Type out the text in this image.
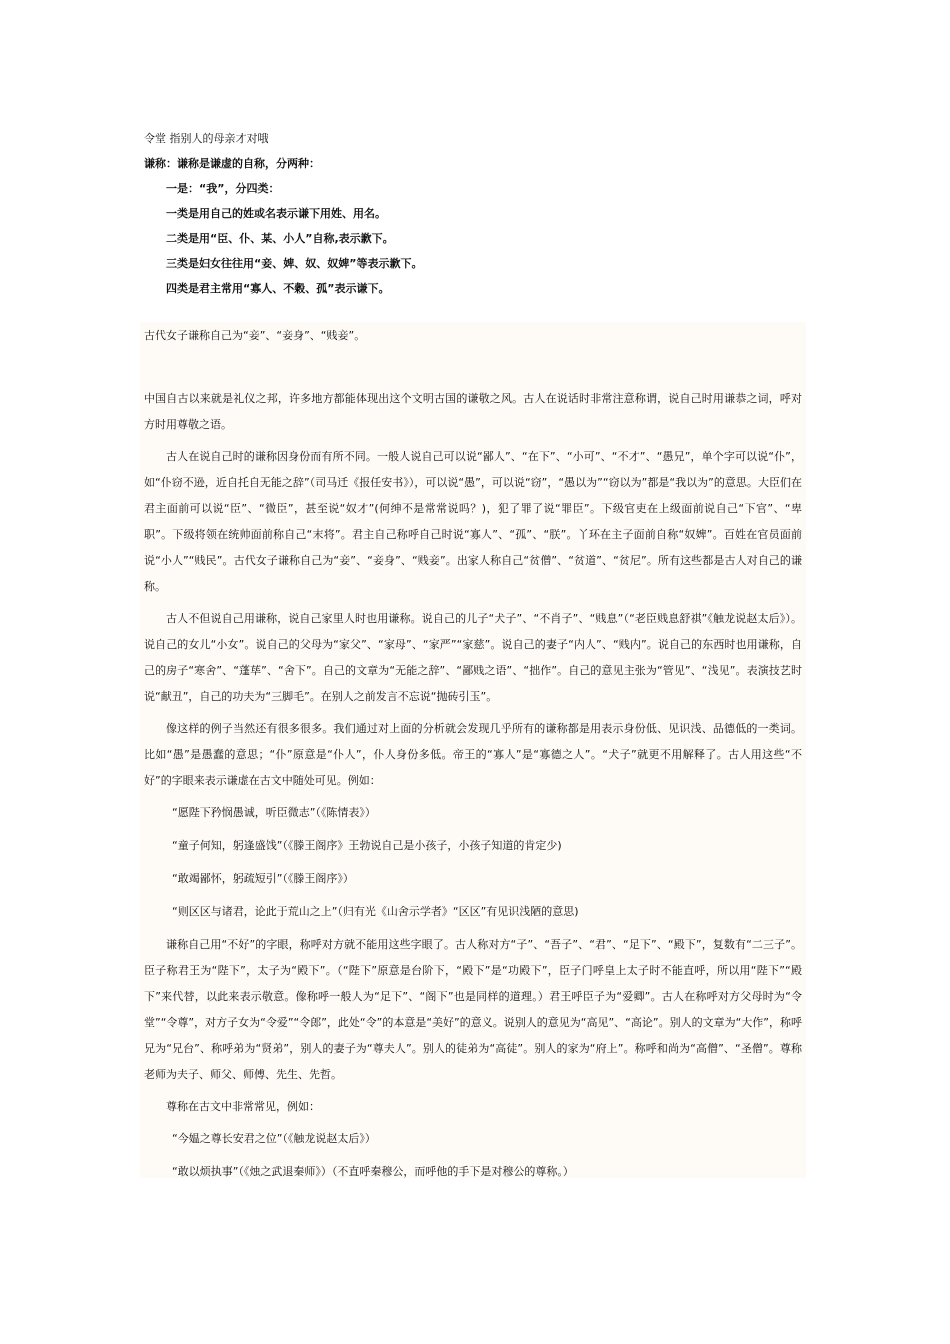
令堂 指别人的母亲才对哦
谦称：谦称是谦虚的自称，分两种：
一是：“我”，分四类：
一类是用自己的姓或名表示谦下用姓、用名。
二类是用“臣、仆、某、小人”自称,表示歉下。
三类是妇女往往用“妾、婢、奴、奴婢”等表示歉下。
四类是君主常用“寡人、不穀、孤”表示谦下。

古代女子谦称自己为“妾”、“妾身”、“贱妾”。

中国自古以来就是礼仪之邦，许多地方都能体现出这个文明古国的谦敬之风。古人在说话时非常注意称谓，说自己时用谦恭之词，呼对方时用尊敬之语。

古人在说自己时的谦称因身份而有所不同。一般人说自己可以说“鄙人”、“在下”、“小可”、“不才”、“愚兄”，单个字可以说“仆”，如“仆窃不逊，近自托自无能之辞”（司马迁《报任安书》），可以说“愚”，可以说“窃”，“愚以为”“窃以为”都是“我以为”的意思。大臣们在君主面前可以说“臣”、“微臣”，甚至说“奴才”(何绅不是常常说吗？)，犯了罪了说“罪臣”。下级官吏在上级面前说自己“下官”、“卑职”。下级将领在统帅面前称自己“末将”。君主自己称呼自己时说“寡人”、“孤”、“朕”。丫环在主子面前自称“奴婢”。百姓在官员面前说“小人”“贱民”。古代女子谦称自己为“妾”、“妾身”、“贱妾”。出家人称自己“贫僧”、“贫道”、“贫尼”。所有这些都是古人对自己的谦称。

古人不但说自己用谦称，说自己家里人时也用谦称。说自己的儿子“犬子”、“不肖子”、“贱息”（“老臣贱息舒祺”《触龙说赵太后》）。说自己的女儿“小女”。说自己的父母为“家父”、“家母”、“家严”“家慈”。说自己的妻子“内人”、“贱内”。说自己的东西时也用谦称，自己的房子“寒舍”、“蓬荜”、“舍下”。自己的文章为“无能之辞”、“鄙贱之语”、“拙作”。自己的意见主张为“管见”、“浅见”。表演技艺时说“献丑”，自己的功夫为“三脚毛”。在别人之前发言不忘说“抛砖引玉”。

像这样的例子当然还有很多很多。我们通过对上面的分析就会发现几乎所有的谦称都是用表示身份低、见识浅、品德低的一类词。比如“愚”是愚蠢的意思；“仆”原意是“仆人”，仆人身份多低。帝王的“寡人”是“寡德之人”。“犬子”就更不用解释了。古人用这些“不好”的字眼来表示谦虚在古文中随处可见。例如：

“愿陛下矜悯愚诚，听臣微志”（《陈情表》）
“童子何知，躬逢盛饯”（《滕王阁序》王勃说自己是小孩子，小孩子知道的肯定少)
“敢竭鄙怀，躬疏短引”（《滕王阁序》）
“则区区与诸君，论此于荒山之上”（归有光《山舍示学者》“区区”有见识浅陋的意思)

谦称自己用“不好”的字眼，称呼对方就不能用这些字眼了。古人称对方“子”、“吾子”、“君”、“足下”、“殿下”，复数有“二三子”。臣子称君王为“陛下”，太子为“殿下”。（“陛下”原意是台阶下，“殿下”是“功殿下”，臣子门呼皇上太子时不能直呼，所以用“陛下”“殿下”来代替，以此来表示敬意。像称呼一般人为“足下”、“阁下”也是同样的道理。）君王呼臣子为“爱卿”。古人在称呼对方父母时为“令堂”“令尊”，对方子女为“令爱”“令郎”，此处“令”的本意是“美好”的意义。说别人的意见为“高见”、“高论”。别人的文章为“大作”，称呼兄为“兄台”、称呼弟为“贤弟”，别人的妻子为“尊夫人”。别人的徒弟为“高徒”。别人的家为“府上”。称呼和尚为“高僧”、“圣僧”。尊称老师为夫子、师父、师傅、先生、先哲。

尊称在古文中非常常见，例如：

“今媪之尊长安君之位”（《触龙说赵太后》）
“敢以烦执事”（《烛之武退秦师》）（不直呼秦穆公，而呼他的手下是对穆公的尊称。）
